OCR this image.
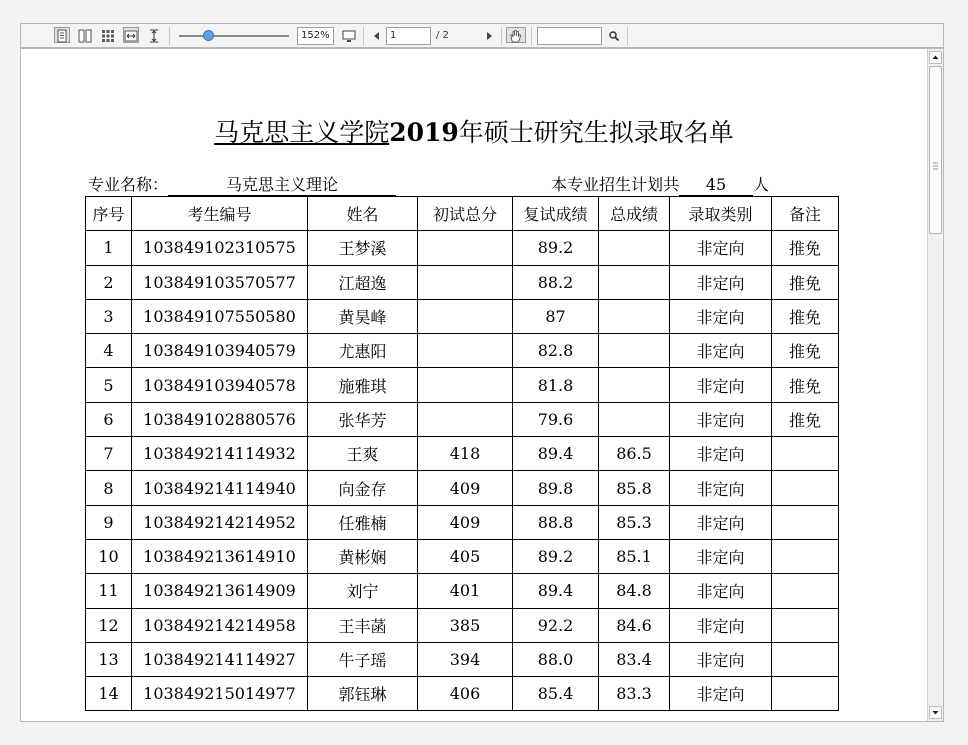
152%	1	/ 2
马克思主义学院2019年硕士研究生拟录取名单
专业名称：	马克思主义理论	本专业招生计划共 45 人
序号	考生编号	姓名	初试总分	复试成绩	总成绩	录取类别	备注
1	103849102310575	王梦溪		89.2		非定向	推免
2	103849103570577	江超逸		88.2		非定向	推免
3	103849107550580	黄昊峰		87		非定向	推免
4	103849103940579	尤惠阳		82.8		非定向	推免
5	103849103940578	施雅琪		81.8		非定向	推免
6	103849102880576	张华芳		79.6		非定向	推免
7	103849214114932	王爽	418	89.4	86.5	非定向	
8	103849214114940	向金存	409	89.8	85.8	非定向	
9	103849214214952	任雅楠	409	88.8	85.3	非定向	
10	103849213614910	黄彬娴	405	89.2	85.1	非定向	
11	103849213614909	刘宁	401	89.4	84.8	非定向	
12	103849214214958	王丰菡	385	92.2	84.6	非定向	
13	103849214114927	牛子瑶	394	88.0	83.4	非定向	
14	103849215014977	郭钰琳	406	85.4	83.3	非定向	
